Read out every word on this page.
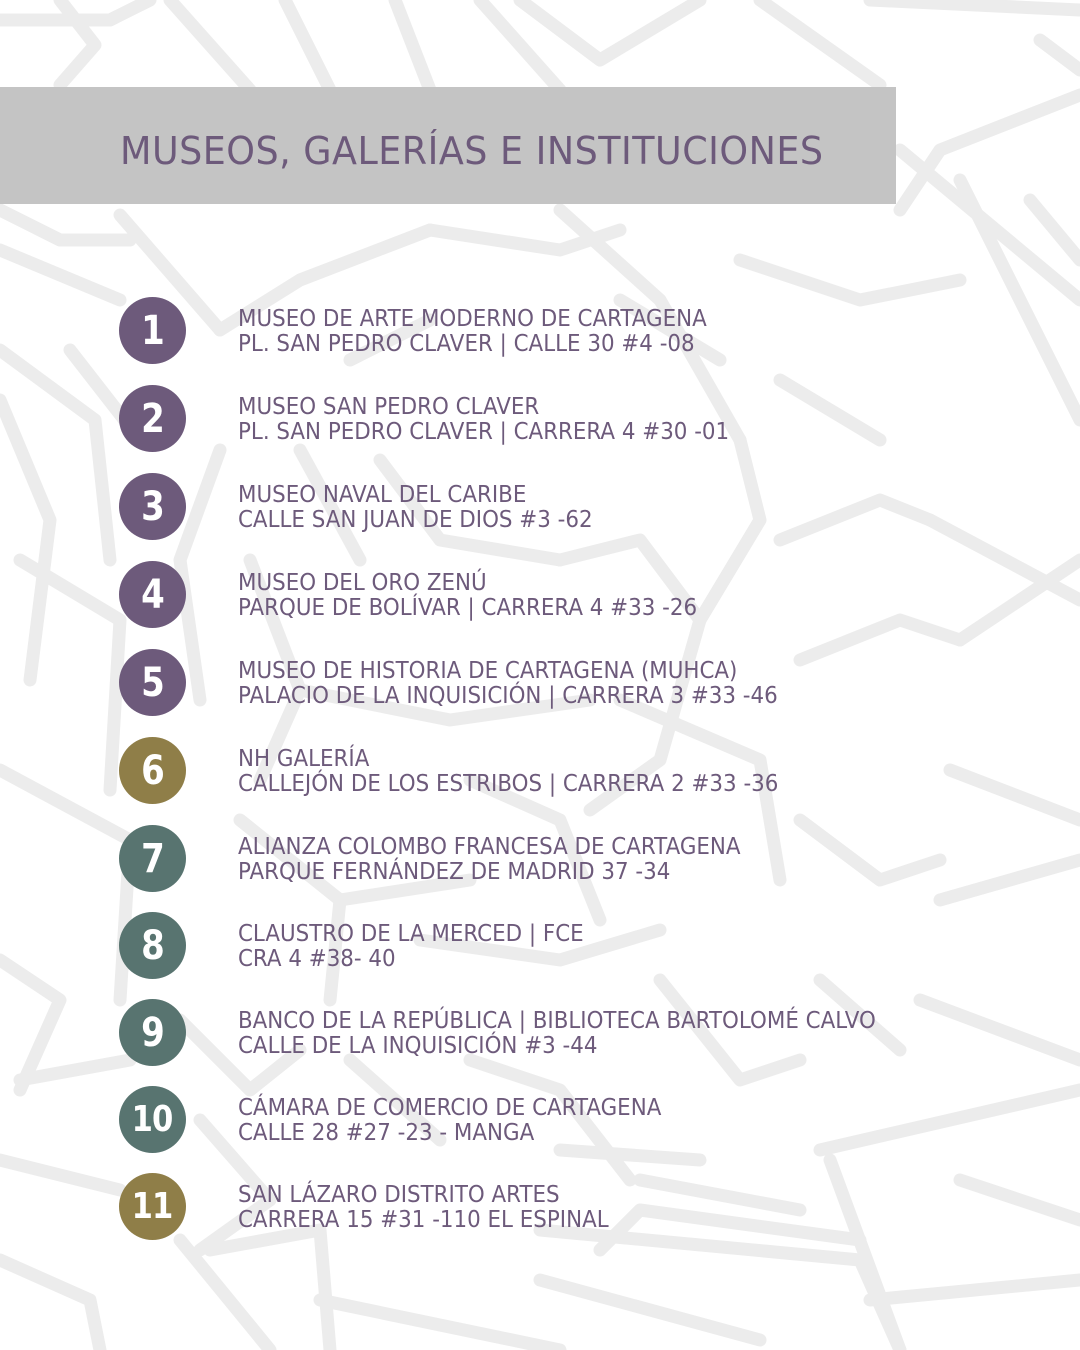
MUSEOS, GALERÍAS E INSTITUCIONES
1	MUSEO DE ARTE MODERNO DE CARTAGENA
PL. SAN PEDRO CLAVER | CALLE 30 #4 -08
2	MUSEO SAN PEDRO CLAVER
PL. SAN PEDRO CLAVER | CARRERA 4 #30 -01
3	MUSEO NAVAL DEL CARIBE
CALLE SAN JUAN DE DIOS #3 -62
4	MUSEO DEL ORO ZENÚ
PARQUE DE BOLÍVAR | CARRERA 4 #33 -26
5	MUSEO DE HISTORIA DE CARTAGENA (MUHCA)
PALACIO DE LA INQUISICIÓN | CARRERA 3 #33 -46
6	NH GALERÍA
CALLEJÓN DE LOS ESTRIBOS | CARRERA 2 #33 -36
7	ALIANZA COLOMBO FRANCESA DE CARTAGENA
PARQUE FERNÁNDEZ DE MADRID 37 -34
8	CLAUSTRO DE LA MERCED | FCE
CRA 4 #38- 40
9	BANCO DE LA REPÚBLICA | BIBLIOTECA BARTOLOMÉ CALVO
CALLE DE LA INQUISICIÓN #3 -44
10	CÁMARA DE COMERCIO DE CARTAGENA
CALLE 28 #27 -23 - MANGA
11	SAN LÁZARO DISTRITO ARTES
CARRERA 15 #31 -110 EL ESPINAL
